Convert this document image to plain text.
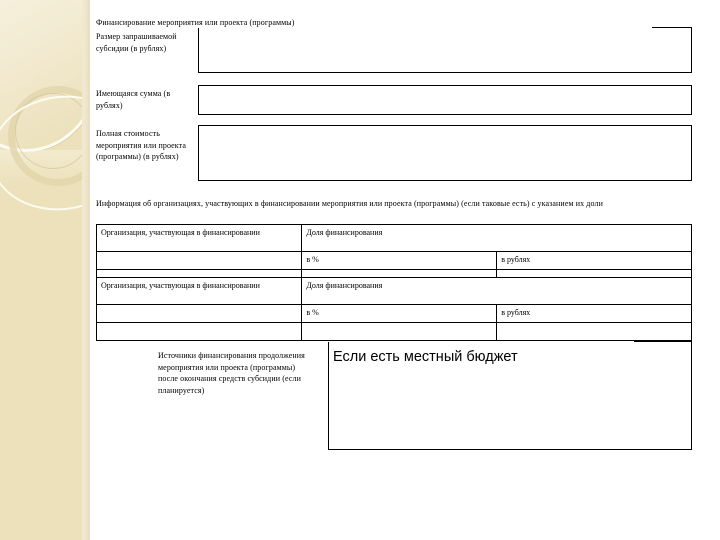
Финансирование мероприятия или проекта (программы)
Размер запрашиваемой субсидии (в рублях)
Имеющаяся сумма (в рублях)
Полная стоимость мероприятия или проекта (программы) (в рублях)
Информация об организациях, участвующих в финансировании мероприятия или проекта (программы) (если таковые есть) с указанием их доли
Организация, участвующая в финансировании	Доля финансирования	
	в %	в рублях

Организация, участвующая в финансировании	Доля финансирования	
	в %	в рублях

Источники финансирования продолжения мероприятия или проекта (программы) после окончания средств субсидии (если планируется)
Если есть местный бюджет
